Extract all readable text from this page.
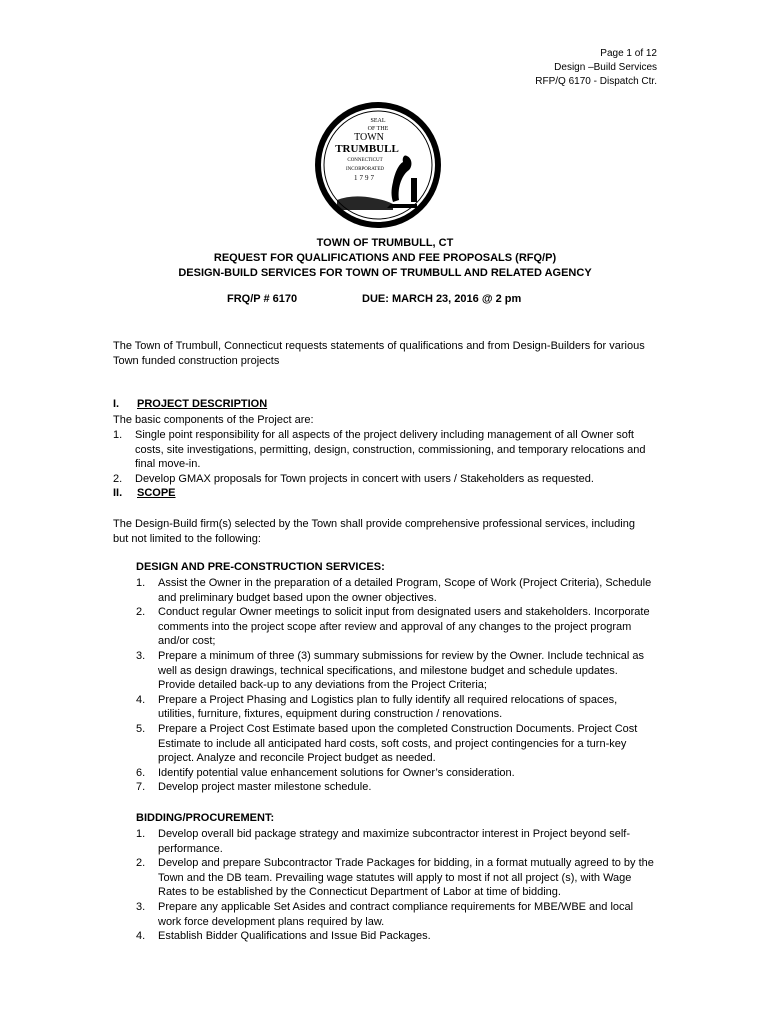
Page 1 of 12
Design –Build Services
RFP/Q 6170 - Dispatch Ctr.
SEAL
OF THE
TOWN
TRUMBULL
CONNECTICUT
INCORPORATED
1797
TOWN OF TRUMBULL, CT
REQUEST FOR QUALIFICATIONS AND FEE PROPOSALS (RFQ/P)
DESIGN-BUILD SERVICES FOR TOWN OF TRUMBULL AND RELATED AGENCY
FRQ/P # 6170	DUE: MARCH 23, 2016 @ 2 pm
The Town of Trumbull, Connecticut requests statements of qualifications and from Design-Builders for various Town funded construction projects
I. PROJECT DESCRIPTION
The basic components of the Project are:
1. Single point responsibility for all aspects of the project delivery including management of all Owner soft costs, site investigations, permitting, design, construction, commissioning, and temporary relocations and final move-in.
2. Develop GMAX proposals for Town projects in concert with users / Stakeholders as requested.
II. SCOPE
The Design-Build firm(s) selected by the Town shall provide comprehensive professional services, including but not limited to the following:
DESIGN AND PRE-CONSTRUCTION SERVICES:
1. Assist the Owner in the preparation of a detailed Program, Scope of Work (Project Criteria), Schedule and preliminary budget based upon the owner objectives.
2. Conduct regular Owner meetings to solicit input from designated users and stakeholders. Incorporate comments into the project scope after review and approval of any changes to the project program and/or cost;
3. Prepare a minimum of three (3) summary submissions for review by the Owner. Include technical as well as design drawings, technical specifications, and milestone budget and schedule updates. Provide detailed back-up to any deviations from the Project Criteria;
4. Prepare a Project Phasing and Logistics plan to fully identify all required relocations of spaces, utilities, furniture, fixtures, equipment during construction / renovations.
5. Prepare a Project Cost Estimate based upon the completed Construction Documents. Project Cost Estimate to include all anticipated hard costs, soft costs, and project contingencies for a turn-key project. Analyze and reconcile Project budget as needed.
6. Identify potential value enhancement solutions for Owner’s consideration.
7. Develop project master milestone schedule.
BIDDING/PROCUREMENT:
1. Develop overall bid package strategy and maximize subcontractor interest in Project beyond self-performance.
2. Develop and prepare Subcontractor Trade Packages for bidding, in a format mutually agreed to by the Town and the DB team. Prevailing wage statutes will apply to most if not all project (s), with Wage Rates to be established by the Connecticut Department of Labor at time of bidding.
3. Prepare any applicable Set Asides and contract compliance requirements for MBE/WBE and local work force development plans required by law.
4. Establish Bidder Qualifications and Issue Bid Packages.
